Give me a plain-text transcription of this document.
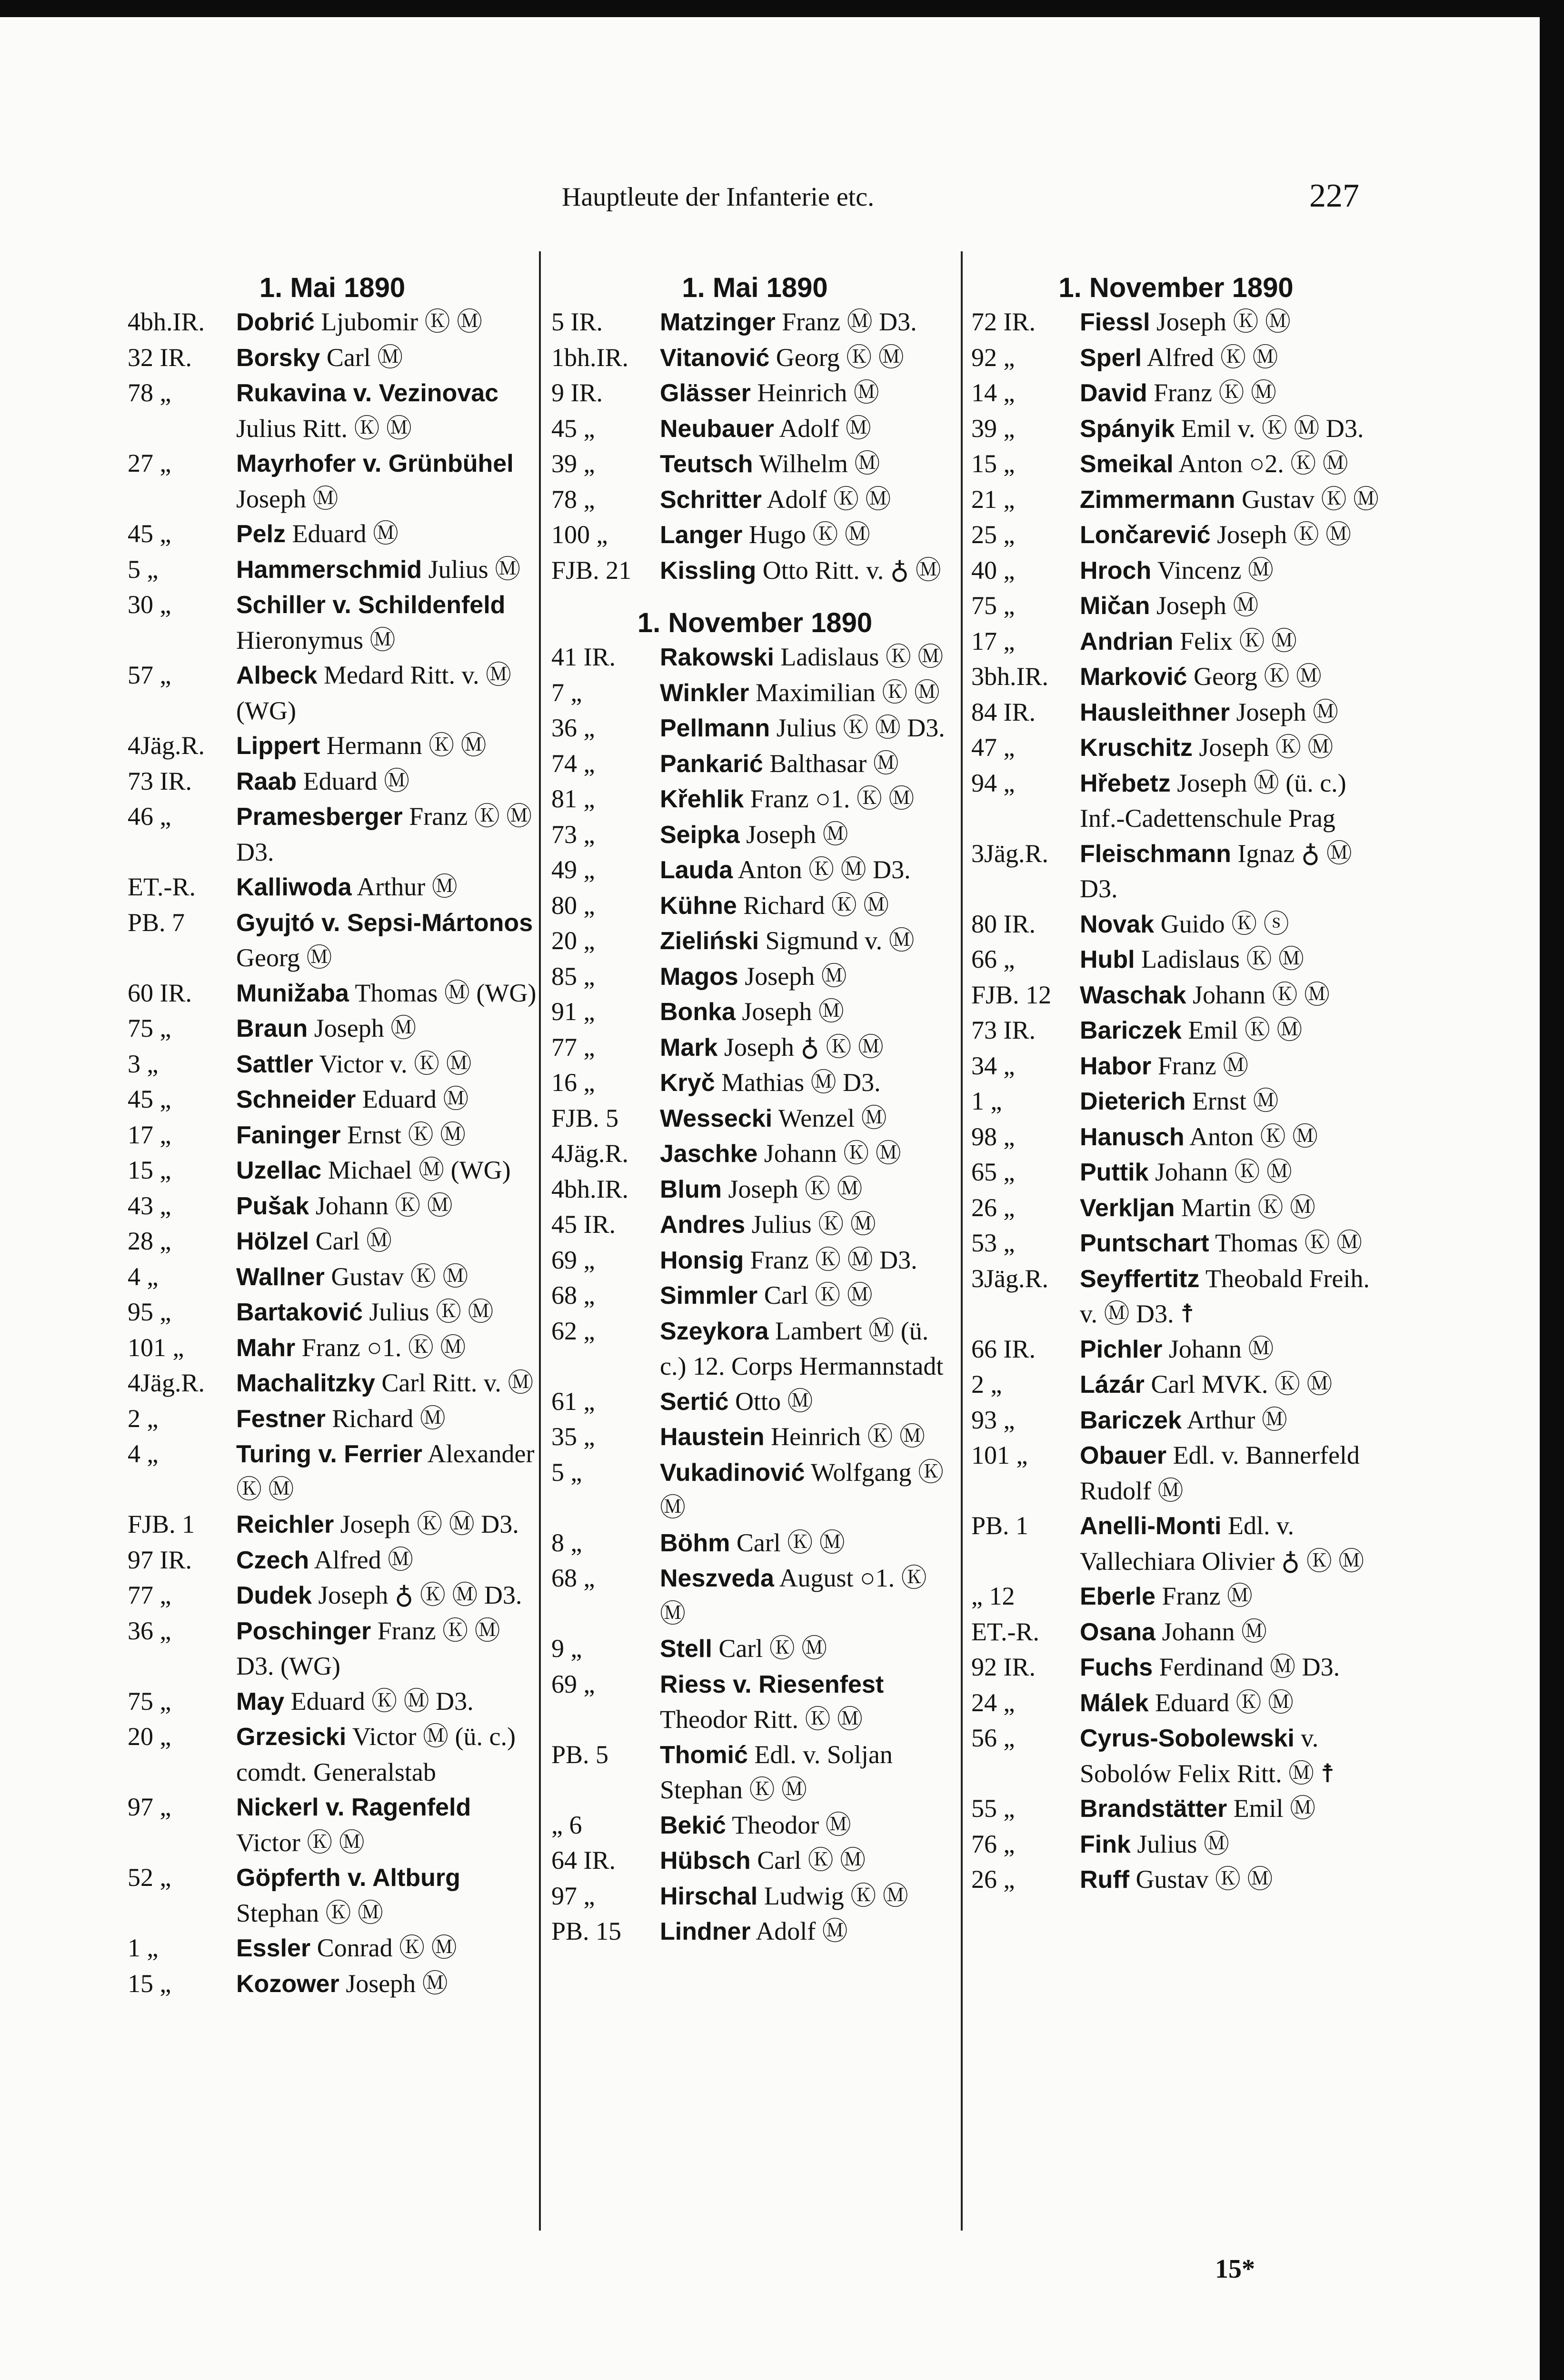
Hauptleute der Infanterie etc.	227
1. Mai 1890
4bh.IR.	Dobrić Ljubomir Ⓚ Ⓜ
32 IR.	Borsky Carl Ⓜ
78 „	Rukavina v. Vezinovac Julius Ritt. Ⓚ Ⓜ
27 „	Mayrhofer v. Grünbühel Joseph Ⓜ
45 „	Pelz Eduard Ⓜ
5 „	Hammerschmid Julius Ⓜ
30 „	Schiller v. Schildenfeld Hieronymus Ⓜ
57 „	Albeck Medard Ritt. v. Ⓜ (WG)
4Jäg.R.	Lippert Hermann Ⓚ Ⓜ
73 IR.	Raab Eduard Ⓜ
46 „	Pramesberger Franz Ⓚ Ⓜ D3.
ET.-R.	Kalliwoda Arthur Ⓜ
PB. 7	Gyujtó v. Sepsi-Mártonos Georg Ⓜ
60 IR.	Munižaba Thomas Ⓜ (WG)
75 „	Braun Joseph Ⓜ
3 „	Sattler Victor v. Ⓚ Ⓜ
45 „	Schneider Eduard Ⓜ
17 „	Faninger Ernst Ⓚ Ⓜ
15 „	Uzellac Michael Ⓜ (WG)
43 „	Pušak Johann Ⓚ Ⓜ
28 „	Hölzel Carl Ⓜ
4 „	Wallner Gustav Ⓚ Ⓜ
95 „	Bartaković Julius Ⓚ Ⓜ
101 „	Mahr Franz ○1. Ⓚ Ⓜ
4Jäg.R.	Machalitzky Carl Ritt. v. Ⓜ
2 „	Festner Richard Ⓜ
4 „	Turing v. Ferrier Alexander Ⓚ Ⓜ
FJB. 1	Reichler Joseph Ⓚ Ⓜ D3.
97 IR.	Czech Alfred Ⓜ
77 „	Dudek Joseph ♁ Ⓚ Ⓜ D3.
36 „	Poschinger Franz Ⓚ Ⓜ D3. (WG)
75 „	May Eduard Ⓚ Ⓜ D3.
20 „	Grzesicki Victor Ⓜ (ü. c.) comdt. Generalstab
97 „	Nickerl v. Ragenfeld Victor Ⓚ Ⓜ
52 „	Göpferth v. Altburg Stephan Ⓚ Ⓜ
1 „	Essler Conrad Ⓚ Ⓜ
15 „	Kozower Joseph Ⓜ
1. Mai 1890
5 IR.	Matzinger Franz Ⓜ D3.
1bh.IR.	Vitanović Georg Ⓚ Ⓜ
9 IR.	Glässer Heinrich Ⓜ
45 „	Neubauer Adolf Ⓜ
39 „	Teutsch Wilhelm Ⓜ
78 „	Schritter Adolf Ⓚ Ⓜ
100 „	Langer Hugo Ⓚ Ⓜ
FJB. 21	Kissling Otto Ritt. v. ♁ Ⓜ
1. November 1890
41 IR.	Rakowski Ladislaus Ⓚ Ⓜ
7 „	Winkler Maximilian Ⓚ Ⓜ
36 „	Pellmann Julius Ⓚ Ⓜ D3.
74 „	Pankarić Balthasar Ⓜ
81 „	Křehlik Franz ○1. Ⓚ Ⓜ
73 „	Seipka Joseph Ⓜ
49 „	Lauda Anton Ⓚ Ⓜ D3.
80 „	Kühne Richard Ⓚ Ⓜ
20 „	Zieliński Sigmund v. Ⓜ
85 „	Magos Joseph Ⓜ
91 „	Bonka Joseph Ⓜ
77 „	Mark Joseph ♁ Ⓚ Ⓜ
16 „	Kryč Mathias Ⓜ D3.
FJB. 5	Wessecki Wenzel Ⓜ
4Jäg.R.	Jaschke Johann Ⓚ Ⓜ
4bh.IR.	Blum Joseph Ⓚ Ⓜ
45 IR.	Andres Julius Ⓚ Ⓜ
69 „	Honsig Franz Ⓚ Ⓜ D3.
68 „	Simmler Carl Ⓚ Ⓜ
62 „	Szeykora Lambert Ⓜ (ü. c.) 12. Corps Hermannstadt
61 „	Sertić Otto Ⓜ
35 „	Haustein Heinrich Ⓚ Ⓜ
5 „	Vukadinović Wolfgang Ⓚ Ⓜ
8 „	Böhm Carl Ⓚ Ⓜ
68 „	Neszveda August ○1. Ⓚ Ⓜ
9 „	Stell Carl Ⓚ Ⓜ
69 „	Riess v. Riesenfest Theodor Ritt. Ⓚ Ⓜ
PB. 5	Thomić Edl. v. Soljan Stephan Ⓚ Ⓜ
„ 6	Bekić Theodor Ⓜ
64 IR.	Hübsch Carl Ⓚ Ⓜ
97 „	Hirschal Ludwig Ⓚ Ⓜ
PB. 15	Lindner Adolf Ⓜ
1. November 1890
72 IR.	Fiessl Joseph Ⓚ Ⓜ
92 „	Sperl Alfred Ⓚ Ⓜ
14 „	David Franz Ⓚ Ⓜ
39 „	Spányik Emil v. Ⓚ Ⓜ D3.
15 „	Smeikal Anton ○2. Ⓚ Ⓜ
21 „	Zimmermann Gustav Ⓚ Ⓜ
25 „	Lončarević Joseph Ⓚ Ⓜ
40 „	Hroch Vincenz Ⓜ
75 „	Mičan Joseph Ⓜ
17 „	Andrian Felix Ⓚ Ⓜ
3bh.IR.	Marković Georg Ⓚ Ⓜ
84 IR.	Hausleithner Joseph Ⓜ
47 „	Kruschitz Joseph Ⓚ Ⓜ
94 „	Hřebetz Joseph Ⓜ (ü. c.) Inf.-Cadettenschule Prag
3Jäg.R.	Fleischmann Ignaz ♁ Ⓜ D3.
80 IR.	Novak Guido Ⓚ ⓢ
66 „	Hubl Ladislaus Ⓚ Ⓜ
FJB. 12	Waschak Johann Ⓚ Ⓜ
73 IR.	Bariczek Emil Ⓚ Ⓜ
34 „	Habor Franz Ⓜ
1 „	Dieterich Ernst Ⓜ
98 „	Hanusch Anton Ⓚ Ⓜ
65 „	Puttik Johann Ⓚ Ⓜ
26 „	Verkljan Martin Ⓚ Ⓜ
53 „	Puntschart Thomas Ⓚ Ⓜ
3Jäg.R.	Seyffertitz Theobald Freih. v. Ⓜ D3. ☨
66 IR.	Pichler Johann Ⓜ
2 „	Lázár Carl MVK. Ⓚ Ⓜ
93 „	Bariczek Arthur Ⓜ
101 „	Obauer Edl. v. Bannerfeld Rudolf Ⓜ
PB. 1	Anelli-Monti Edl. v. Vallechiara Olivier ♁ Ⓚ Ⓜ
„ 12	Eberle Franz Ⓜ
ET.-R.	Osana Johann Ⓜ
92 IR.	Fuchs Ferdinand Ⓜ D3.
24 „	Málek Eduard Ⓚ Ⓜ
56 „	Cyrus-Sobolewski v. Sobolów Felix Ritt. Ⓜ ☨
55 „	Brandstätter Emil Ⓜ
76 „	Fink Julius Ⓜ
26 „	Ruff Gustav Ⓚ Ⓜ
15*
